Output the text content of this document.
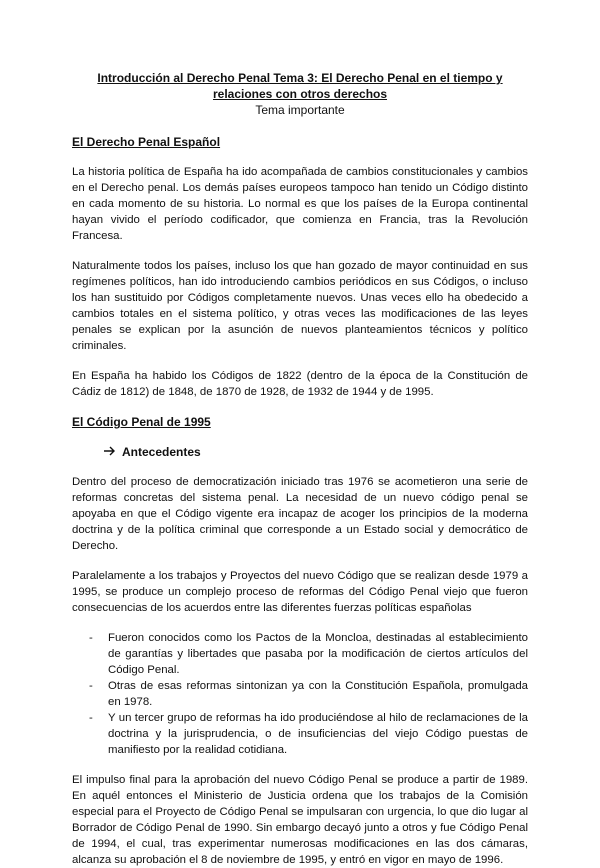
Introducción al Derecho Penal Tema 3: El Derecho Penal en el tiempo y relaciones con otros derechos
Tema importante
El Derecho Penal Español

La historia política de España ha ido acompañada de cambios constitucionales y cambios en el Derecho penal. Los demás países europeos tampoco han tenido un Código distinto en cada momento de su historia. Lo normal es que los países de la Europa continental hayan vivido el período codificador, que comienza en Francia, tras la Revolución Francesa.

Naturalmente todos los países, incluso los que han gozado de mayor continuidad en sus regímenes políticos, han ido introduciendo cambios periódicos en sus Códigos, o incluso los han sustituido por Códigos completamente nuevos. Unas veces ello ha obedecido a cambios totales en el sistema político, y otras veces las modificaciones de las leyes penales se explican por la asunción de nuevos planteamientos técnicos y político criminales.

En España ha habido los Códigos de 1822 (dentro de la época de la Constitución de Cádiz de 1812) de 1848, de 1870 de 1928, de 1932 de 1944 y de 1995.

El Código Penal de 1995
Antecedentes

Dentro del proceso de democratización iniciado tras 1976 se acometieron una serie de reformas concretas del sistema penal. La necesidad de un nuevo código penal se apoyaba en que el Código vigente era incapaz de acoger los principios de la moderna doctrina y de la política criminal que corresponde a un Estado social y democrático de Derecho.

Paralelamente a los trabajos y Proyectos del nuevo Código que se realizan desde 1979 a 1995, se produce un complejo proceso de reformas del Código Penal viejo que fueron consecuencias de los acuerdos entre las diferentes fuerzas políticas españolas

- Fueron conocidos como los Pactos de la Moncloa, destinadas al establecimiento de garantías y libertades que pasaba por la modificación de ciertos artículos del Código Penal.
- Otras de esas reformas sintonizan ya con la Constitución Española, promulgada en 1978.
- Y un tercer grupo de reformas ha ido produciéndose al hilo de reclamaciones de la doctrina y la jurisprudencia, o de insuficiencias del viejo Código puestas de manifiesto por la realidad cotidiana.

El impulso final para la aprobación del nuevo Código Penal se produce a partir de 1989. En aquél entonces el Ministerio de Justicia ordena que los trabajos de la Comisión especial para el Proyecto de Código Penal se impulsaran con urgencia, lo que dio lugar al Borrador de Código Penal de 1990. Sin embargo decayó junto a otros y fue Código Penal de 1994, el cual, tras experimentar numerosas modificaciones en las dos cámaras, alcanza su aprobación el 8 de noviembre de 1995, y entró en vigor en mayo de 1996.
